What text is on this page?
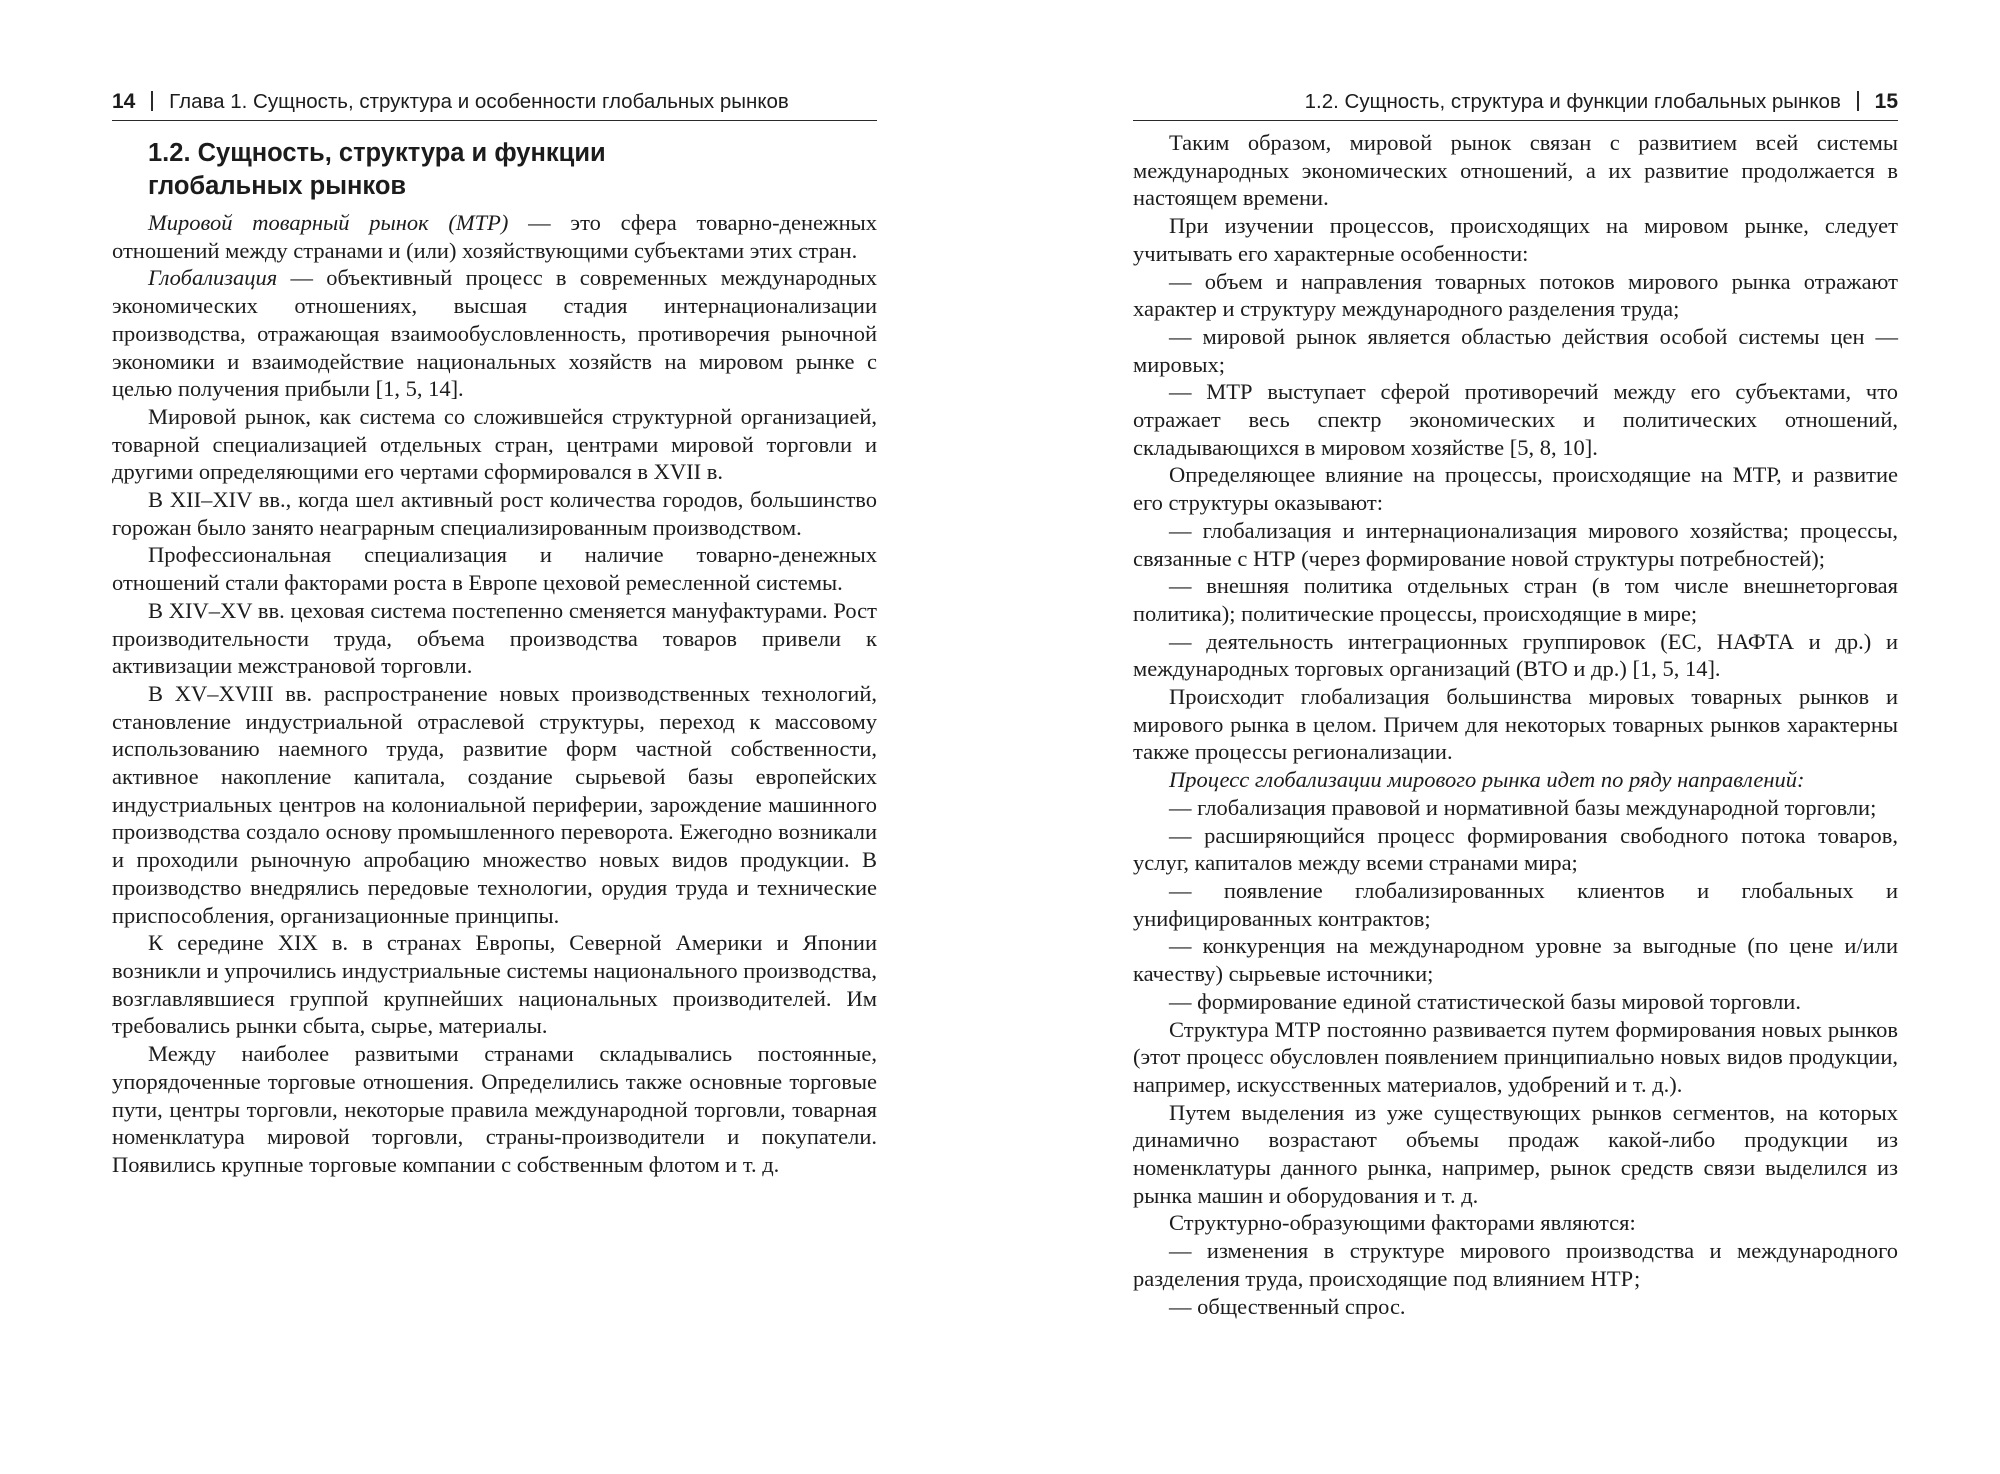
14 Глава 1. Сущность, структура и особенности глобальных рынков
1.2. Сущность, структура и функции
глобальных рынков

Мировой товарный рынок (МТР) — это сфера товарно-денежных отношений между странами и (или) хозяйствующими субъектами этих стран.

Глобализация — объективный процесс в современных международных экономических отношениях, высшая стадия интернационализации производства, отражающая взаимообусловленность, противоречия рыночной экономики и взаимодействие национальных хозяйств на мировом рынке с целью получения прибыли [1, 5, 14].

Мировой рынок, как система со сложившейся структурной организацией, товарной специализацией отдельных стран, центрами мировой торговли и другими определяющими его чертами сформировался в XVII в.

В XII–XIV вв., когда шел активный рост количества городов, большинство горожан было занято неаграрным специализированным производством.

Профессиональная специализация и наличие товарно-денежных отношений стали факторами роста в Европе цеховой ремесленной системы.

В XIV–XV вв. цеховая система постепенно сменяется мануфактурами. Рост производительности труда, объема производства товаров привели к активизации межстрановой торговли.

В XV–XVIII вв. распространение новых производственных технологий, становление индустриальной отраслевой структуры, переход к массовому использованию наемного труда, развитие форм частной собственности, активное накопление капитала, создание сырьевой базы европейских индустриальных центров на колониальной периферии, зарождение машинного производства создало основу промышленного переворота. Ежегодно возникали и проходили рыночную апробацию множество новых видов продукции. В производство внедрялись передовые технологии, орудия труда и технические приспособления, организационные принципы.

К середине XIX в. в странах Европы, Северной Америки и Японии возникли и упрочились индустриальные системы национального производства, возглавлявшиеся группой крупнейших национальных производителей. Им требовались рынки сбыта, сырье, материалы.

Между наиболее развитыми странами складывались постоянные, упорядоченные торговые отношения. Определились также основные торговые пути, центры торговли, некоторые правила международной торговли, товарная номенклатура мировой торговли, страны-производители и покупатели. Появились крупные торговые компании с собственным флотом и т. д.

1.2. Сущность, структура и функции глобальных рынков 15

Таким образом, мировой рынок связан с развитием всей системы международных экономических отношений, а их развитие продолжается в настоящем времени.

При изучении процессов, происходящих на мировом рынке, следует учитывать его характерные особенности:

— объем и направления товарных потоков мирового рынка отражают характер и структуру международного разделения труда;

— мировой рынок является областью действия особой системы цен — мировых;

— МТР выступает сферой противоречий между его субъектами, что отражает весь спектр экономических и политических отношений, складывающихся в мировом хозяйстве [5, 8, 10].

Определяющее влияние на процессы, происходящие на МТР, и развитие его структуры оказывают:

— глобализация и интернационализация мирового хозяйства; процессы, связанные с НТР (через формирование новой структуры потребностей);

— внешняя политика отдельных стран (в том числе внешнеторговая политика); политические процессы, происходящие в мире;

— деятельность интеграционных группировок (ЕС, НАФТА и др.) и международных торговых организаций (ВТО и др.) [1, 5, 14].

Происходит глобализация большинства мировых товарных рынков и мирового рынка в целом. Причем для некоторых товарных рынков характерны также процессы регионализации.

Процесс глобализации мирового рынка идет по ряду направлений:

— глобализация правовой и нормативной базы международной торговли;

— расширяющийся процесс формирования свободного потока товаров, услуг, капиталов между всеми странами мира;

— появление глобализированных клиентов и глобальных и унифицированных контрактов;

— конкуренция на международном уровне за выгодные (по цене и/или качеству) сырьевые источники;

— формирование единой статистической базы мировой торговли.

Структура МТР постоянно развивается путем формирования новых рынков (этот процесс обусловлен появлением принципиально новых видов продукции, например, искусственных материалов, удобрений и т. д.).

Путем выделения из уже существующих рынков сегментов, на которых динамично возрастают объемы продаж какой-либо продукции из номенклатуры данного рынка, например, рынок средств связи выделился из рынка машин и оборудования и т. д.

Структурно-образующими факторами являются:

— изменения в структуре мирового производства и международного разделения труда, происходящие под влиянием НТР;

— общественный спрос.
